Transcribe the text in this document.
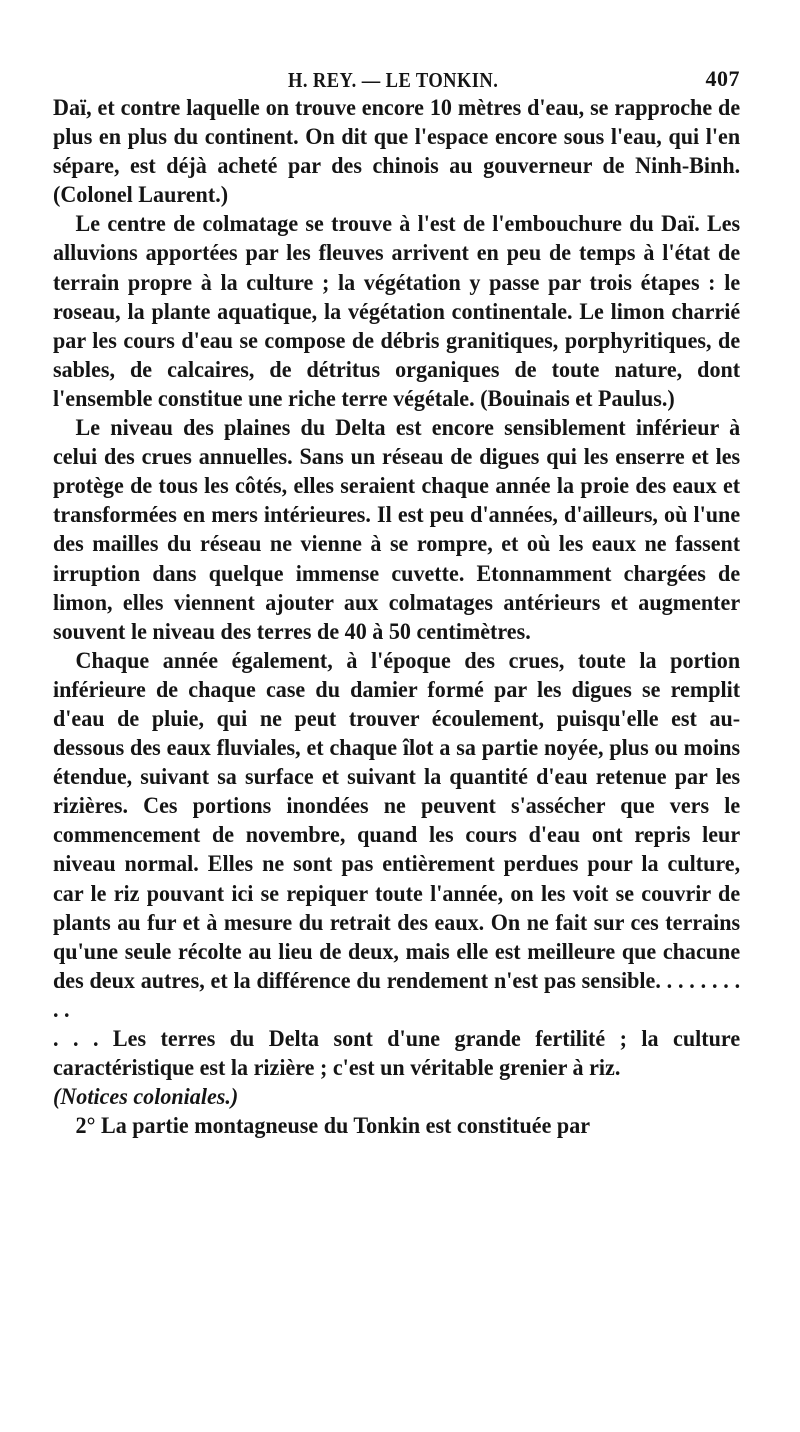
H. REY. — LE TONKIN.	407

Daï, et contre laquelle on trouve encore 10 mètres d'eau, se rapproche de plus en plus du continent. On dit que l'espace encore sous l'eau, qui l'en sépare, est déjà acheté par des chinois au gouverneur de Ninh-Binh. (Colonel Laurent.)

Le centre de colmatage se trouve à l'est de l'embouchure du Daï. Les alluvions apportées par les fleuves arrivent en peu de temps à l'état de terrain propre à la culture ; la végétation y passe par trois étapes : le roseau, la plante aquatique, la végétation continentale. Le limon charrié par les cours d'eau se compose de débris granitiques, porphyritiques, de sables, de calcaires, de détritus organiques de toute nature, dont l'ensemble constitue une riche terre végétale. (Bouinais et Paulus.)

Le niveau des plaines du Delta est encore sensiblement inférieur à celui des crues annuelles. Sans un réseau de digues qui les enserre et les protège de tous les côtés, elles seraient chaque année la proie des eaux et transformées en mers intérieures. Il est peu d'années, d'ailleurs, où l'une des mailles du réseau ne vienne à se rompre, et où les eaux ne fassent irruption dans quelque immense cuvette. Etonnamment chargées de limon, elles viennent ajouter aux colmatages antérieurs et augmenter souvent le niveau des terres de 40 à 50 centimètres.

Chaque année également, à l'époque des crues, toute la portion inférieure de chaque case du damier formé par les digues se remplit d'eau de pluie, qui ne peut trouver écoulement, puisqu'elle est au-dessous des eaux fluviales, et chaque îlot a sa partie noyée, plus ou moins étendue, suivant sa surface et suivant la quantité d'eau retenue par les rizières. Ces portions inondées ne peuvent s'assécher que vers le commencement de novembre, quand les cours d'eau ont repris leur niveau normal. Elles ne sont pas entièrement perdues pour la culture, car le riz pouvant ici se repiquer toute l'année, on les voit se couvrir de plants au fur et à mesure du retrait des eaux. On ne fait sur ces terrains qu'une seule récolte au lieu de deux, mais elle est meilleure que chacune des deux autres, et la différence du rendement n'est pas sensible. . . . . . . . . .

. . . Les terres du Delta sont d'une grande fertilité ; la culture caractéristique est la rizière ; c'est un véritable grenier à riz.
(Notices coloniales.)

2° La partie montagneuse du Tonkin est constituée par
